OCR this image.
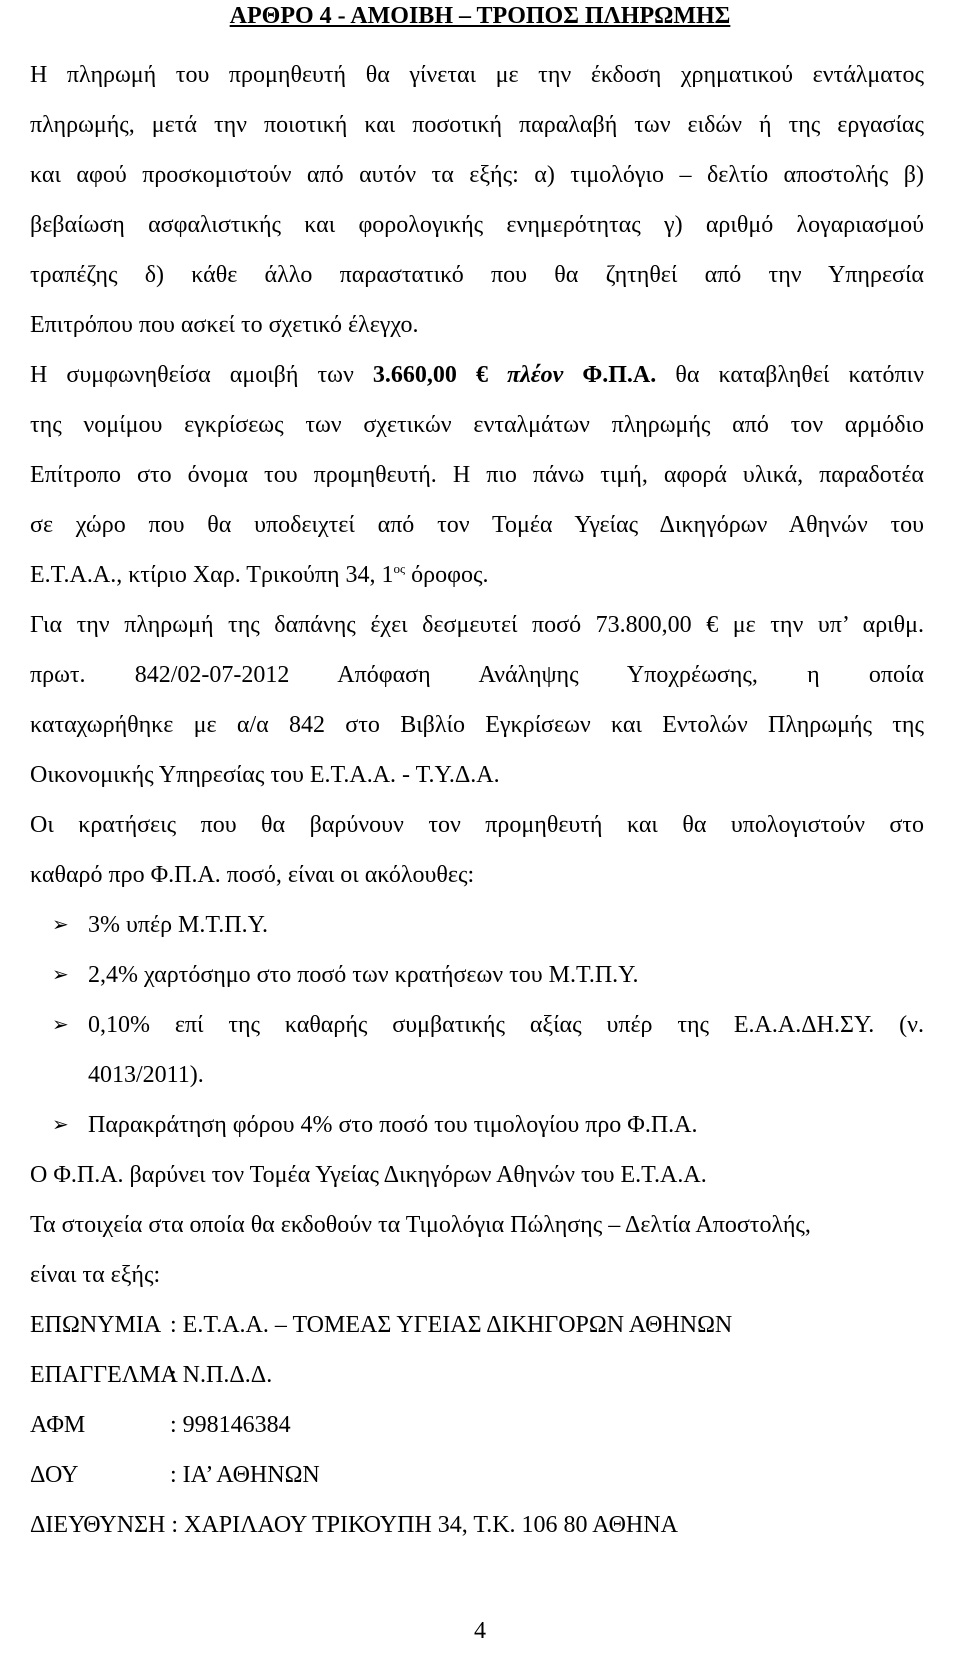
ΑΡΘΡΟ 4 - ΑΜΟΙΒΗ – ΤΡΟΠΟΣ ΠΛΗΡΩΜΗΣ
Η πληρωμή του προμηθευτή θα γίνεται με την έκδοση χρηματικού εντάλματος
πληρωμής, μετά την ποιοτική και ποσοτική παραλαβή των ειδών ή της εργασίας
και αφού προσκομιστούν από αυτόν τα εξής: α) τιμολόγιο – δελτίο αποστολής β)
βεβαίωση ασφαλιστικής και φορολογικής ενημερότητας γ) αριθμό λογαριασμού
τραπέζης δ) κάθε άλλο παραστατικό που θα ζητηθεί από την Υπηρεσία
Επιτρόπου που ασκεί το σχετικό έλεγχο.
Η συμφωνηθείσα αμοιβή των 3.660,00 € πλέον Φ.Π.Α. θα καταβληθεί κατόπιν
της νομίμου εγκρίσεως των σχετικών ενταλμάτων πληρωμής από τον αρμόδιο
Επίτροπο στο όνομα του προμηθευτή. Η πιο πάνω τιμή, αφορά υλικά, παραδοτέα
σε χώρο που θα υποδειχτεί από τον Τομέα Υγείας Δικηγόρων Αθηνών του
Ε.Τ.Α.Α., κτίριο Χαρ. Τρικούπη 34, $1^{o\varsigma}$ όροφος.
Για την πληρωμή της δαπάνης έχει δεσμευτεί ποσό 73.800,00 € με την υπ’ αριθμ.
πρωτ. 842/02-07-2012 Απόφαση Ανάληψης Υποχρέωσης, η οποία
καταχωρήθηκε με α/α 842 στο Βιβλίο Εγκρίσεων και Εντολών Πληρωμής της
Οικονομικής Υπηρεσίας του Ε.Τ.Α.Α. - Τ.Υ.Δ.Α.
Οι κρατήσεις που θα βαρύνουν τον προμηθευτή και θα υπολογιστούν στο
καθαρό προ Φ.Π.Α. ποσό, είναι οι ακόλουθες:
➢ 3% υπέρ Μ.Τ.Π.Υ.
➢ 2,4% χαρτόσημο στο ποσό των κρατήσεων του Μ.Τ.Π.Υ.
➢ 0,10% επί της καθαρής συμβατικής αξίας υπέρ της Ε.Α.Α.ΔΗ.ΣΥ. (ν.
4013/2011).
➢ Παρακράτηση φόρου 4% στο ποσό του τιμολογίου προ Φ.Π.Α.
Ο Φ.Π.Α. βαρύνει τον Τομέα Υγείας Δικηγόρων Αθηνών του Ε.Τ.Α.Α.
Τα στοιχεία στα οποία θα εκδοθούν τα Τιμολόγια Πώλησης – Δελτία Αποστολής,
είναι τα εξής:
ΕΠΩΝΥΜΙΑ : Ε.Τ.Α.Α. – ΤΟΜΕΑΣ ΥΓΕΙΑΣ ΔΙΚΗΓΟΡΩΝ ΑΘΗΝΩΝ
ΕΠΑΓΓΕΛΜΑ
: Ν.Π.Δ.Δ.
ΑΦΜ	: 998146384
ΔΟΥ	: ΙΑ’ ΑΘΗΝΩΝ
ΔΙΕΥΘΥΝΣΗ : ΧΑΡΙΛΑΟΥ ΤΡΙΚΟΥΠΗ 34, Τ.Κ. 106 80 ΑΘΗΝΑ
4
